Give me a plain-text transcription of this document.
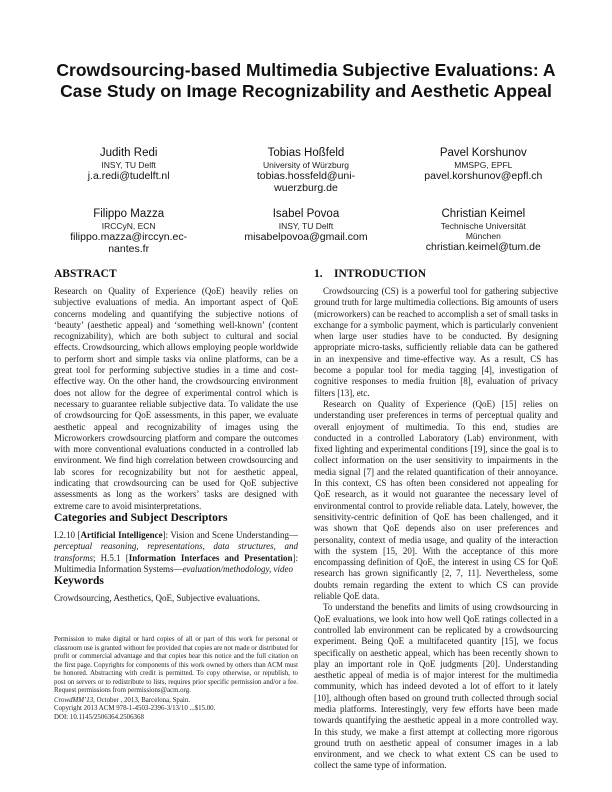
Crowdsourcing-based Multimedia Subjective Evaluations: A Case Study on Image Recognizability and Aesthetic Appeal
Judith Redi
INSY, TU Delft
j.a.redi@tudelft.nl
Tobias Hoßfeld
University of Würzburg
tobias.hossfeld@uni-wuerzburg.de
Pavel Korshunov
MMSPG, EPFL
pavel.korshunov@epfl.ch
Filippo Mazza
IRCCyN, ECN
filippo.mazza@irccyn.ec-nantes.fr
Isabel Povoa
INSY, TU Delft
misabelpovoa@gmail.com
Christian Keimel
Technische Universität München
christian.keimel@tum.de
ABSTRACT

Research on Quality of Experience (QoE) heavily relies on subjective evaluations of media. An important aspect of QoE concerns modeling and quantifying the subjective notions of ‘beauty’ (aesthetic appeal) and ‘something well-known’ (content recognizability), which are both subject to cultural and social effects. Crowdsourcing, which allows employing people worldwide to perform short and simple tasks via online platforms, can be a great tool for performing subjective studies in a time and cost-effective way. On the other hand, the crowdsourcing environment does not allow for the degree of experimental control which is necessary to guarantee reliable subjective data. To validate the use of crowdsourcing for QoE assessments, in this paper, we evaluate aesthetic appeal and recognizability of images using the Microworkers crowdsourcing platform and compare the outcomes with more conventional evaluations conducted in a controlled lab environment. We find high correlation between crowdsourcing and lab scores for recognizability but not for aesthetic appeal, indicating that crowdsourcing can be used for QoE subjective assessments as long as the workers’ tasks are designed with extreme care to avoid misinterpretations.

Categories and Subject Descriptors

I.2.10 [Artificial Intelligence]: Vision and Scene Understanding—perceptual reasoning, representations, data structures, and transforms; H.5.1 [Information Interfaces and Presentation]: Multimedia Information Systems—evaluation/methodology, video

Keywords

Crowdsourcing, Aesthetics, QoE, Subjective evaluations.

Permission to make digital or hard copies of all or part of this work for personal or classroom use is granted without fee provided that copies are not made or distributed for profit or commercial advantage and that copies bear this notice and the full citation on the first page. Copyrights for components of this work owned by others than ACM must be honored. Abstracting with credit is permitted. To copy otherwise, or republish, to post on servers or to redistribute to lists, requires prior specific permission and/or a fee. Request permissions from permissions@acm.org.

CrowdMM’13, October , 2013, Barcelona, Spain.

Copyright 2013 ACM 978-1-4503-2396-3/13/10 ...$15.00.

DOI: 10.1145/2506364.2506368

1. INTRODUCTION

Crowdsourcing (CS) is a powerful tool for gathering subjective ground truth for large multimedia collections. Big amounts of users (microworkers) can be reached to accomplish a set of small tasks in exchange for a symbolic payment, which is particularly convenient when large user studies have to be conducted. By designing appropriate micro-tasks, sufficiently reliable data can be gathered in an inexpensive and time-effective way. As a result, CS has become a popular tool for media tagging [4], investigation of cognitive responses to media fruition [8], evaluation of privacy filters [13], etc.

Research on Quality of Experience (QoE) [15] relies on understanding user preferences in terms of perceptual quality and overall enjoyment of multimedia. To this end, studies are conducted in a controlled Laboratory (Lab) environment, with fixed lighting and experimental conditions [19], since the goal is to collect information on the user sensitivity to impairments in the media signal [7] and the related quantification of their annoyance. In this context, CS has often been considered not appealing for QoE research, as it would not guarantee the necessary level of environmental control to provide reliable data. Lately, however, the sensitivity-centric definition of QoE has been challenged, and it was shown that QoE depends also on user preferences and personality, context of media usage, and quality of the interaction with the system [15, 20]. With the acceptance of this more encompassing definition of QoE, the interest in using CS for QoE research has grown significantly [2, 7, 11]. Nevertheless, some doubts remain regarding the extent to which CS can provide reliable QoE data.

To understand the benefits and limits of using crowdsourcing in QoE evaluations, we look into how well QoE ratings collected in a controlled lab environment can be replicated by a crowdsourcing experiment. Being QoE a multifaceted quantity [15], we focus specifically on aesthetic appeal, which has been recently shown to play an important role in QoE judgments [20]. Understanding aesthetic appeal of media is of major interest for the multimedia community, which has indeed devoted a lot of effort to it lately [10], although often based on ground truth collected through social media platforms. Interestingly, very few efforts have been made towards quantifying the aesthetic appeal in a more controlled way. In this study, we make a first attempt at collecting more rigorous ground truth on aesthetic appeal of consumer images in a lab environment, and we check to what extent CS can be used to collect the same type of information.
